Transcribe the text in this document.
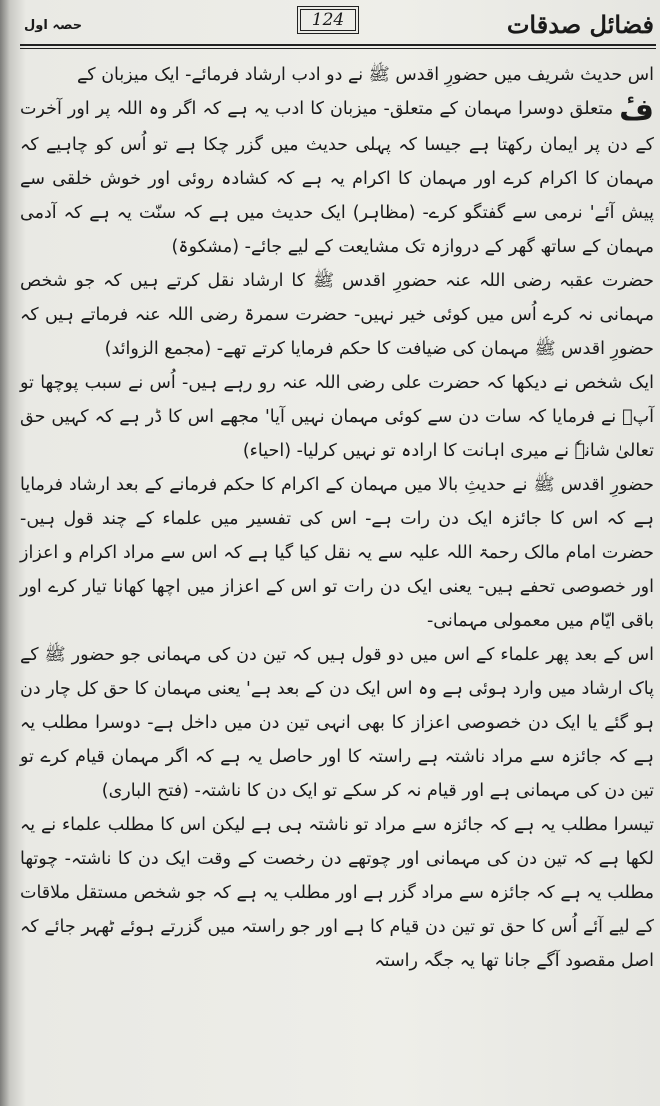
فضائل صدقات
124
حصہ اول

اس حدیث شریف میں حضورِ اقدس ﷺ نے دو ادب ارشاد فرمائے- ایک میزبان کے

فٔمتعلق دوسرا مہمان کے متعلق- میزبان کا ادب یہ ہے کہ اگر وہ اللہ پر اور آخرت کے دن پر ایمان رکھتا ہے جیسا کہ پہلی حدیث میں گزر چکا ہے تو اُس کو چاہیے کہ مہمان کا اکرام کرے اور مہمان کا اکرام یہ ہے کہ کشادہ روئی اور خوش خلقی سے پیش آئے' نرمی سے گفتگو کرے- (مظاہر) ایک حدیث میں ہے کہ سنّت یہ ہے کہ آدمی مہمان کے ساتھ گھر کے دروازہ تک مشایعت کے لیے جائے- (مشکوۃ)

حضرت عقبہ رضی اللہ عنہ حضورِ اقدس ﷺ کا ارشاد نقل کرتے ہیں کہ جو شخص مہمانی نہ کرے اُس میں کوئی خیر نہیں- حضرت سمرۃ رضی اللہ عنہ فرماتے ہیں کہ حضورِ اقدس ﷺ مہمان کی ضیافت کا حکم فرمایا کرتے تھے- (مجمع الزوائد)

ایک شخص نے دیکھا کہ حضرت علی رضی اللہ عنہ رو رہے ہیں- اُس نے سبب پوچھا تو آپؓ نے فرمایا کہ سات دن سے کوئی مہمان نہیں آیا' مجھے اس کا ڈر ہے کہ کہیں حق تعالیٰ شانہٗ نے میری اہانت کا ارادہ تو نہیں کرلیا- (احیاء)

حضورِ اقدس ﷺ نے حدیثِ بالا میں مہمان کے اکرام کا حکم فرمانے کے بعد ارشاد فرمایا ہے کہ اس کا جائزہ ایک دن رات ہے- اس کی تفسیر میں علماء کے چند قول ہیں- حضرت امام مالک رحمۃ اللہ علیہ سے یہ نقل کیا گیا ہے کہ اس سے مراد اکرام و اعزاز اور خصوصی تحفے ہیں- یعنی ایک دن رات تو اس کے اعزاز میں اچھا کھانا تیار کرے اور باقی ایّام میں معمولی مہمانی-

اس کے بعد پھر علماء کے اس میں دو قول ہیں کہ تین دن کی مہمانی جو حضور ﷺ کے پاک ارشاد میں وارد ہوئی ہے وہ اس ایک دن کے بعد ہے' یعنی مہمان کا حق کل چار دن ہو گئے یا ایک دن خصوصی اعزاز کا بھی انہی تین دن میں داخل ہے- دوسرا مطلب یہ ہے کہ جائزہ سے مراد ناشتہ ہے راستہ کا اور حاصل یہ ہے کہ اگر مہمان قیام کرے تو تین دن کی مہمانی ہے اور قیام نہ کر سکے تو ایک دن کا ناشتہ- (فتح الباری)

تیسرا مطلب یہ ہے کہ جائزہ سے مراد تو ناشتہ ہی ہے لیکن اس کا مطلب علماء نے یہ لکھا ہے کہ تین دن کی مہمانی اور چوتھے دن رخصت کے وقت ایک دن کا ناشتہ- چوتھا مطلب یہ ہے کہ جائزہ سے مراد گزر ہے اور مطلب یہ ہے کہ جو شخص مستقل ملاقات کے لیے آئے اُس کا حق تو تین دن قیام کا ہے اور جو راستہ میں گزرتے ہوئے ٹھہر جائے کہ اصل مقصود آگے جانا تھا یہ جگہ راستہ
